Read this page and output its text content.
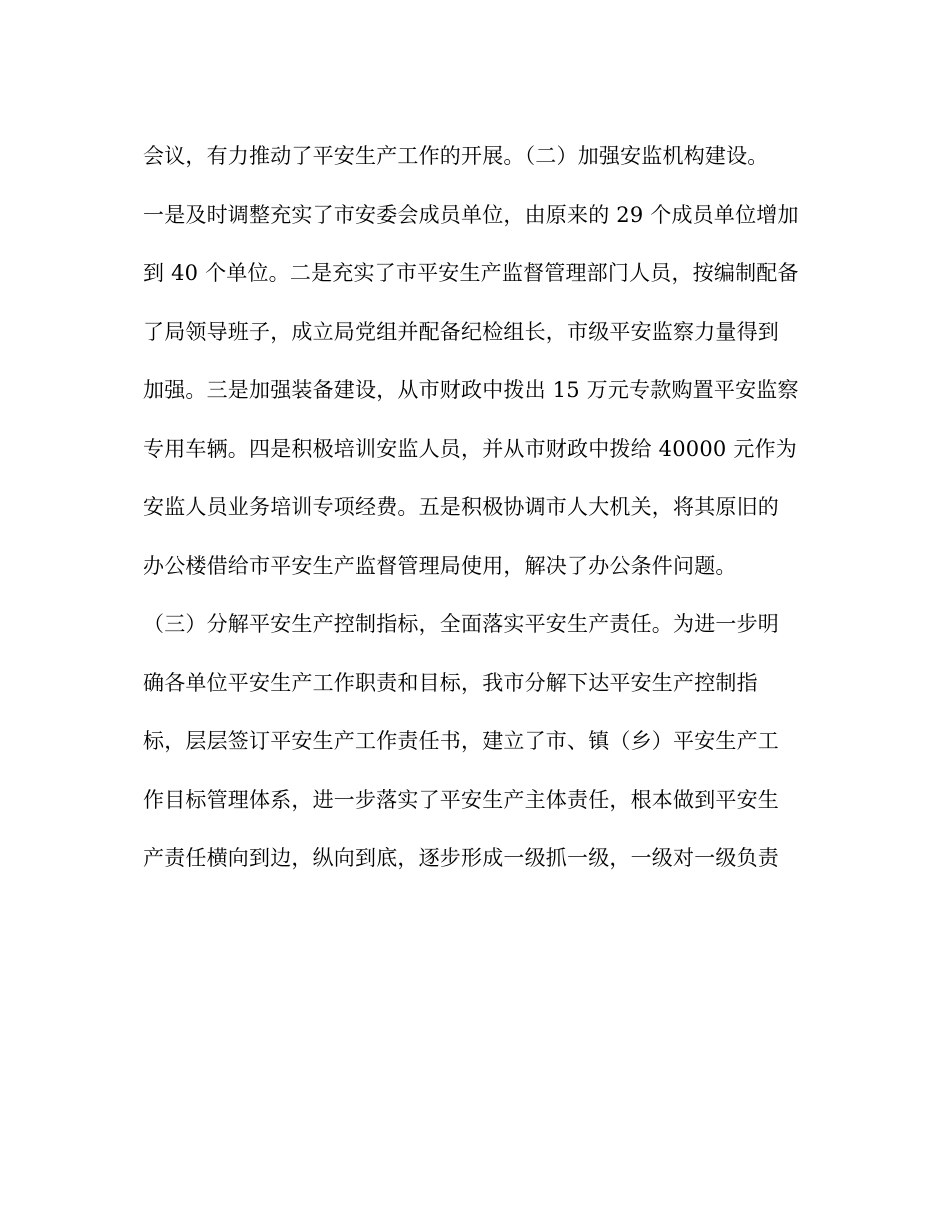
会议，有力推动了平安生产工作的开展。（二）加强安监机构建设。
一是及时调整充实了市安委会成员单位，由原来的 29 个成员单位增加
到 40 个单位。二是充实了市平安生产监督管理部门人员，按编制配备
了局领导班子，成立局党组并配备纪检组长，市级平安监察力量得到
加强。三是加强装备建设，从市财政中拨出 15 万元专款购置平安监察
专用车辆。四是积极培训安监人员，并从市财政中拨给 40000 元作为
安监人员业务培训专项经费。五是积极协调市人大机关，将其原旧的
办公楼借给市平安生产监督管理局使用，解决了办公条件问题。
（三）分解平安生产控制指标，全面落实平安生产责任。为进一步明
确各单位平安生产工作职责和目标，我市分解下达平安生产控制指
标，层层签订平安生产工作责任书，建立了市、镇（乡）平安生产工
作目标管理体系，进一步落实了平安生产主体责任，根本做到平安生
产责任横向到边，纵向到底，逐步形成一级抓一级，一级对一级负责
